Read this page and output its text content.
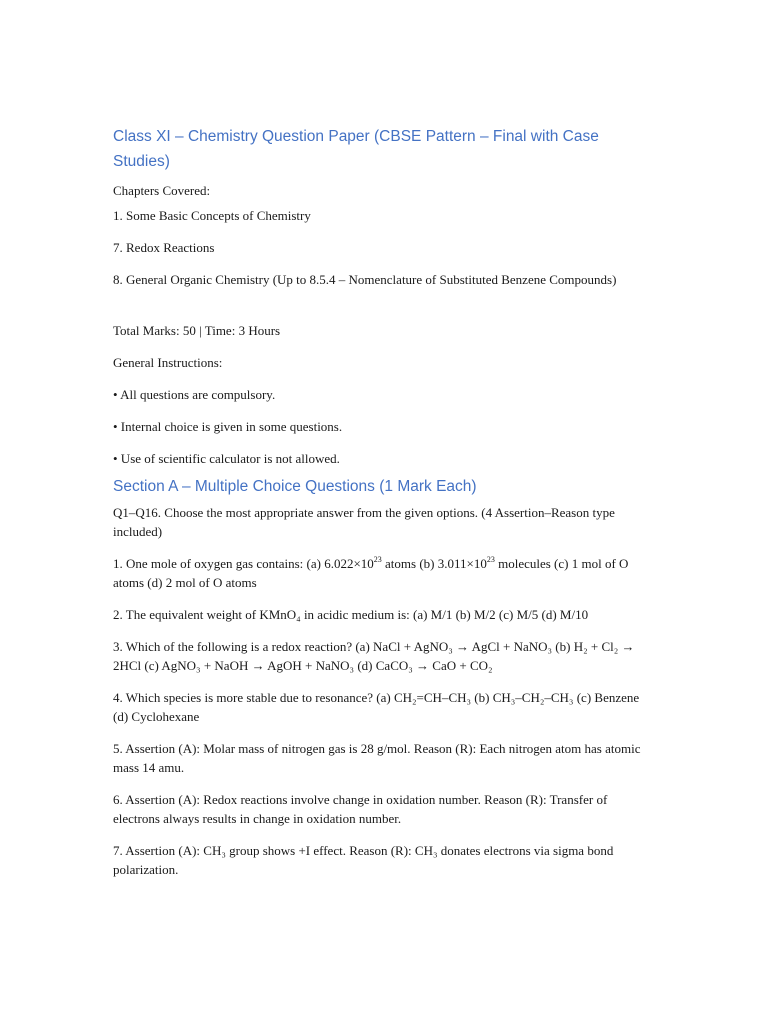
Class XI – Chemistry Question Paper (CBSE Pattern – Final with Case Studies)

Chapters Covered:

1. Some Basic Concepts of Chemistry

7. Redox Reactions

8. General Organic Chemistry (Up to 8.5.4 – Nomenclature of Substituted Benzene Compounds)

Total Marks: 50 | Time: 3 Hours

General Instructions:

• All questions are compulsory.

• Internal choice is given in some questions.

• Use of scientific calculator is not allowed.

Section A – Multiple Choice Questions (1 Mark Each)

Q1–Q16. Choose the most appropriate answer from the given options. (4 Assertion–Reason type included)

1. One mole of oxygen gas contains: (a) $6.022\times 10^{23}$ atoms (b) $3.011\times 10^{23}$ molecules (c) 1 mol of O atoms (d) 2 mol of O atoms

2. The equivalent weight of KMnO₄ in acidic medium is: (a) M/1 (b) M/2 (c) M/5 (d) M/10

3. Which of the following is a redox reaction? (a) NaCl + AgNO₃ → AgCl + NaNO₃ (b) H₂ + Cl₂ → 2HCl (c) AgNO₃ + NaOH → AgOH + NaNO₃ (d) CaCO₃ → CaO + CO₂

4. Which species is more stable due to resonance? (a) CH₂=CH–CH₃ (b) CH₃–CH₂–CH₃ (c) Benzene (d) Cyclohexane

5. Assertion (A): Molar mass of nitrogen gas is 28 g/mol. Reason (R): Each nitrogen atom has atomic mass 14 amu.

6. Assertion (A): Redox reactions involve change in oxidation number. Reason (R): Transfer of electrons always results in change in oxidation number.

7. Assertion (A): CH₃ group shows +I effect. Reason (R): CH₃ donates electrons via sigma bond polarization.
